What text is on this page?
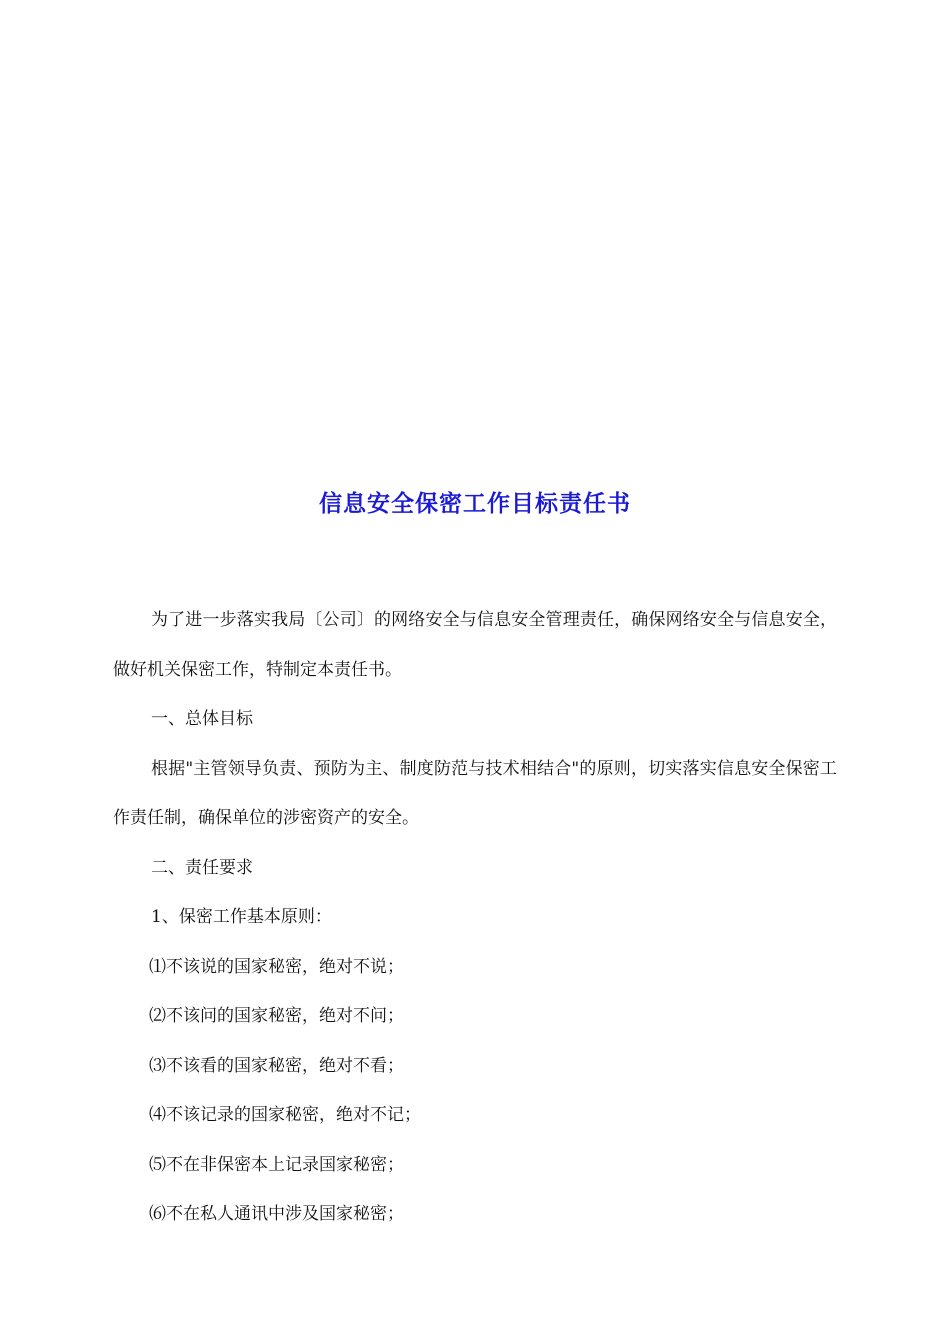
信息安全保密工作目标责任书

为了进一步落实我局〔公司〕的网络安全与信息安全管理责任，确保网络安全与信息安全，做好机关保密工作，特制定本责任书。

一、总体目标

根据"主管领导负责、预防为主、制度防范与技术相结合"的原则，切实落实信息安全保密工作责任制，确保单位的涉密资产的安全。

二、责任要求

1、保密工作基本原则：

⑴不该说的国家秘密，绝对不说；

⑵不该问的国家秘密，绝对不问；

⑶不该看的国家秘密，绝对不看；

⑷不该记录的国家秘密，绝对不记；

⑸不在非保密本上记录国家秘密；

⑹不在私人通讯中涉及国家秘密；
